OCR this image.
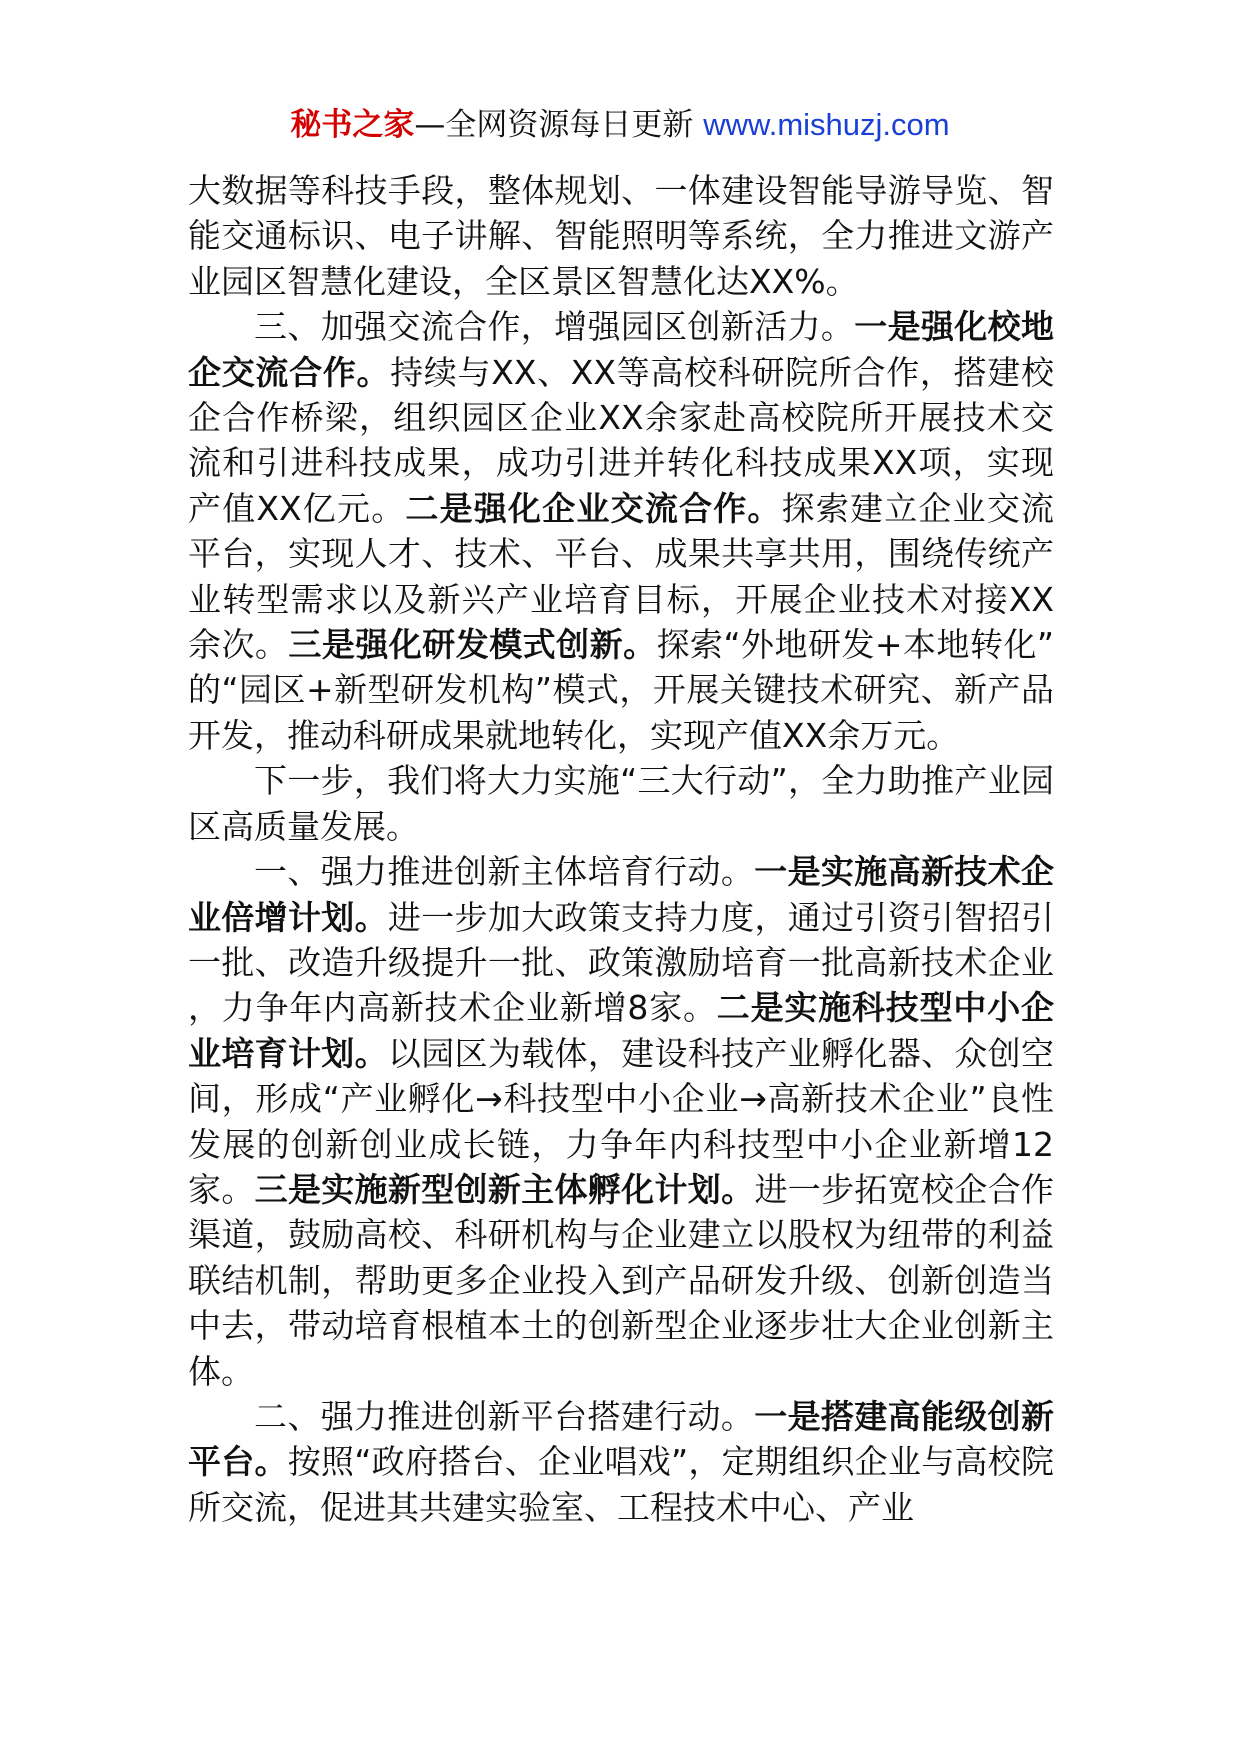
秘书之家—全网资源每日更新 www.mishuzj.com

大数据等科技手段，整体规划、一体建设智能导游导览、智能交通标识、电子讲解、智能照明等系统，全力推进文游产业园区智慧化建设，全区景区智慧化达XX%。

三、加强交流合作，增强园区创新活力。一是强化校地企交流合作。持续与XX、XX等高校科研院所合作，搭建校企合作桥梁，组织园区企业XX余家赴高校院所开展技术交流和引进科技成果，成功引进并转化科技成果XX项，实现产值XX亿元。二是强化企业交流合作。探索建立企业交流平台，实现人才、技术、平台、成果共享共用，围绕传统产业转型需求以及新兴产业培育目标，开展企业技术对接XX余次。三是强化研发模式创新。探索“外地研发+本地转化”的“园区+新型研发机构”模式，开展关键技术研究、新产品开发，推动科研成果就地转化，实现产值XX余万元。

下一步，我们将大力实施“三大行动”，全力助推产业园区高质量发展。

一、强力推进创新主体培育行动。一是实施高新技术企业倍增计划。进一步加大政策支持力度，通过引资引智招引一批、改造升级提升一批、政策激励培育一批高新技术企业，力争年内高新技术企业新增8家。二是实施科技型中小企业培育计划。以园区为载体，建设科技产业孵化器、众创空间，形成“产业孵化→科技型中小企业→高新技术企业”良性发展的创新创业成长链，力争年内科技型中小企业新增12家。三是实施新型创新主体孵化计划。进一步拓宽校企合作渠道，鼓励高校、科研机构与企业建立以股权为纽带的利益联结机制，帮助更多企业投入到产品研发升级、创新创造当中去，带动培育根植本土的创新型企业逐步壮大企业创新主体。

二、强力推进创新平台搭建行动。一是搭建高能级创新平台。按照“政府搭台、企业唱戏”，定期组织企业与高校院所交流，促进其共建实验室、工程技术中心、产业
